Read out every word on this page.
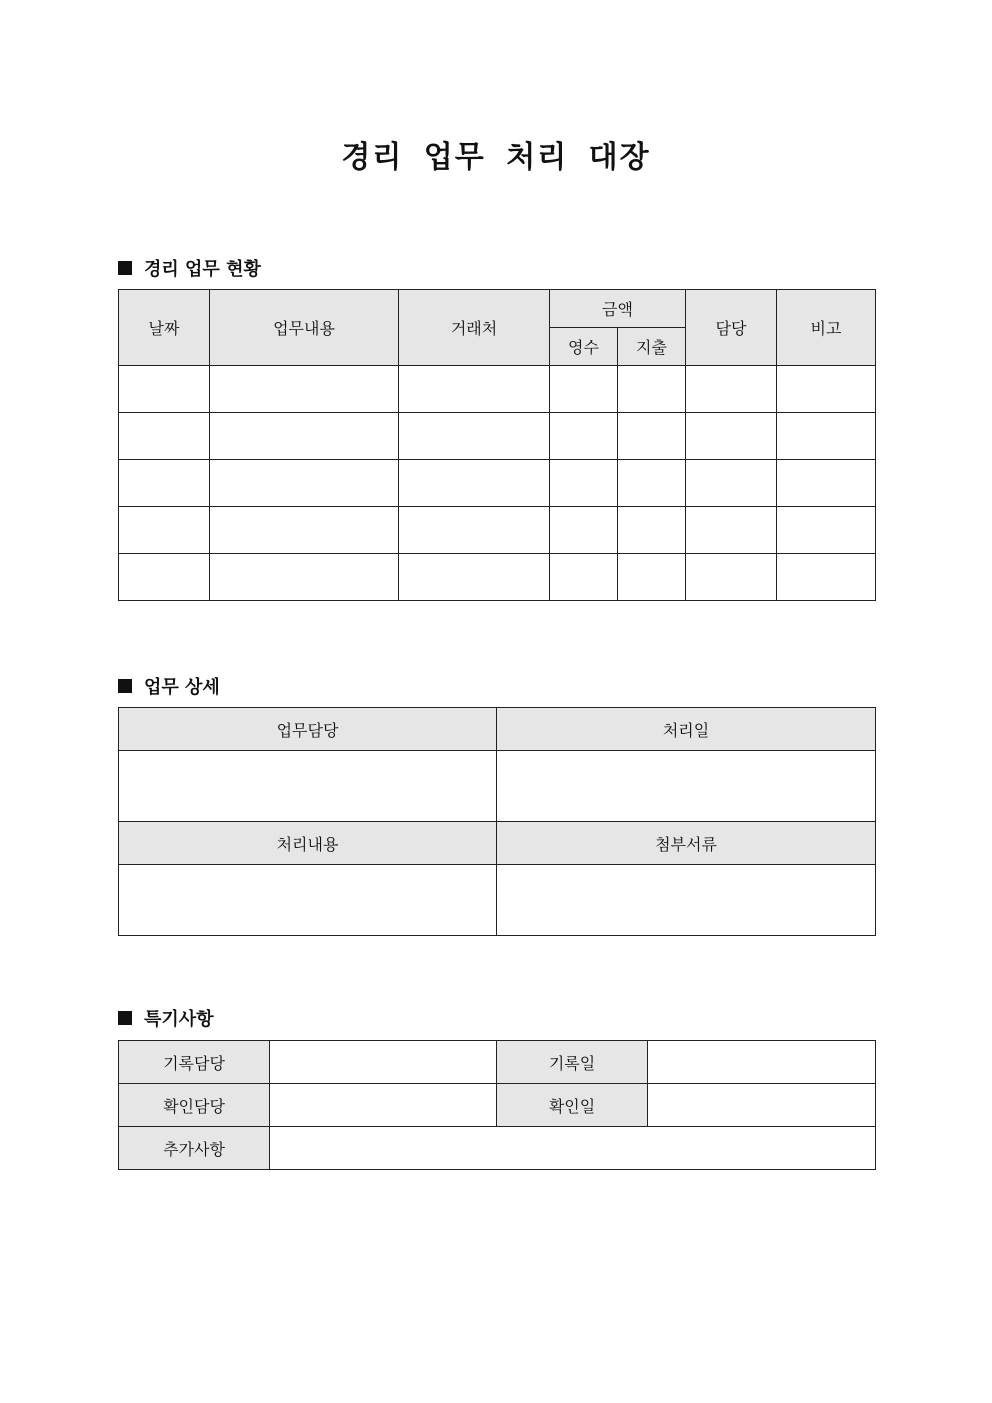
경리 업무 처리 대장
경리 업무 현황
날짜	업무내용	거래처	금액		담당	비고
			영수	지출		

업무 상세
업무담당	처리일

처리내용	첨부서류

특기사항
기록담당		기록일	
확인담당		확인일	
추가사항			
